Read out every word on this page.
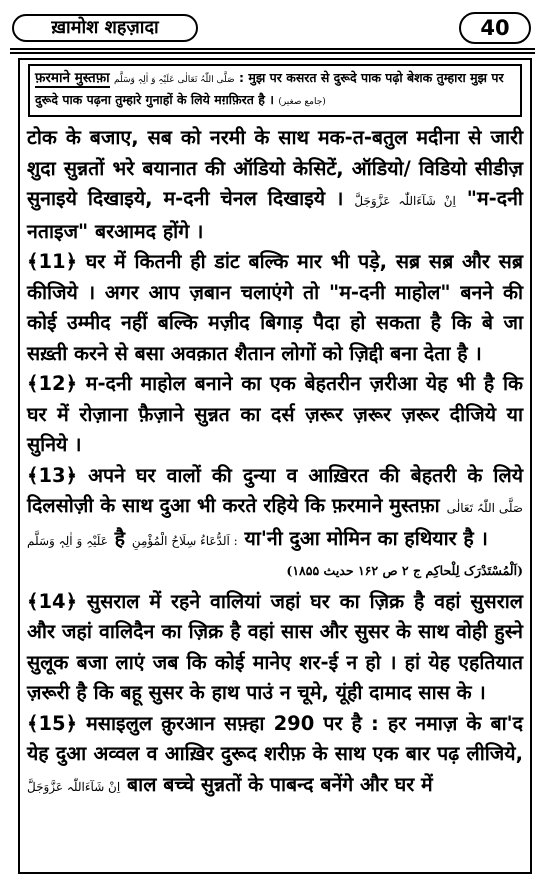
ख़ामोश शहज़ादा	40
फ़रमाने मुस्तफ़ा صَلَّی اللّٰہُ تَعَالٰی عَلَیْہِ وَ اٰلِہٖ وَسَلَّم : मुझ पर कसरत से दुरूदे पाक पढ़ो बेशक तुम्हारा मुझ पर दुरूदे पाक पढ़ना तुम्हारे गुनाहों के लिये मग़फ़िरत है । (جامع صغیر)

टोक के बजाए, सब को नरमी के साथ मक-त-बतुल मदीना से जारी शुदा सुन्नतों भरे बयानात की ऑडियो केसिटें, ऑडियो/ विडियो सीडीज़ सुनाइये दिखाइये, म-दनी चेनल दिखाइये । اِنْ شَآءَاللّٰہ عَزَّوَجَلَّ "म-दनी नताइज" बरआमद होंगे ।

﴾11﴿ घर में कितनी ही डांट बल्कि मार भी पड़े, सब्र सब्र और सब्र कीजिये । अगर आप ज़बान चलाएंगे तो "म-दनी माहोल" बनने की कोई उम्मीद नहीं बल्कि मज़ीद बिगाड़ पैदा हो सकता है कि बे जा सख़्ती करने से बसा अवक़ात शैतान लोगों को ज़िद्दी बना देता है ।

﴾12﴿ म-दनी माहोल बनाने का एक बेहतरीन ज़रीआ येह भी है कि घर में रोज़ाना फ़ैज़ाने सुन्नत का दर्स ज़रूर ज़रूर ज़रूर दीजिये या सुनिये ।

﴾13﴿ अपने घर वालों की दुन्या व आख़िरत की बेहतरी के लिये दिलसोज़ी के साथ दुआ भी करते रहिये कि फ़रमाने मुस्तफ़ा صَلَّی اللّٰہُ تَعَالٰی عَلَیْہِ وَ اٰلِہٖ وَسَلَّم है اَلدُّعَاءُ سِلَاحُ الْمُؤْمِنِ : या'नी दुआ मोमिन का हथियार है ।
(اَلْمُسْتَدْرَک لِلْحاکِم ج ۲ ص ۱۶۲ حدیث ۱۸۵۵)

﴾14﴿ सुसराल में रहने वालियां जहां घर का ज़िक्र है वहां सुसराल और जहां वालिदैन का ज़िक्र है वहां सास और सुसर के साथ वोही हुस्ने सुलूक बजा लाएं जब कि कोई मानेए शर-ई न हो । हां येह एहतियात ज़रूरी है कि बहू सुसर के हाथ पाउं न चूमे, यूंही दामाद सास के ।

﴾15﴿ मसाइलुल क़ुरआन सफ़्हा 290 पर है : हर नमाज़ के बा'द येह दुआ अव्वल व आख़िर दुरूद शरीफ़ के साथ एक बार पढ़ लीजिये, اِنْ شَآءَاللّٰہ عَزَّوَجَلَّ बाल बच्चे सुन्नतों के पाबन्द बनेंगे और घर में
